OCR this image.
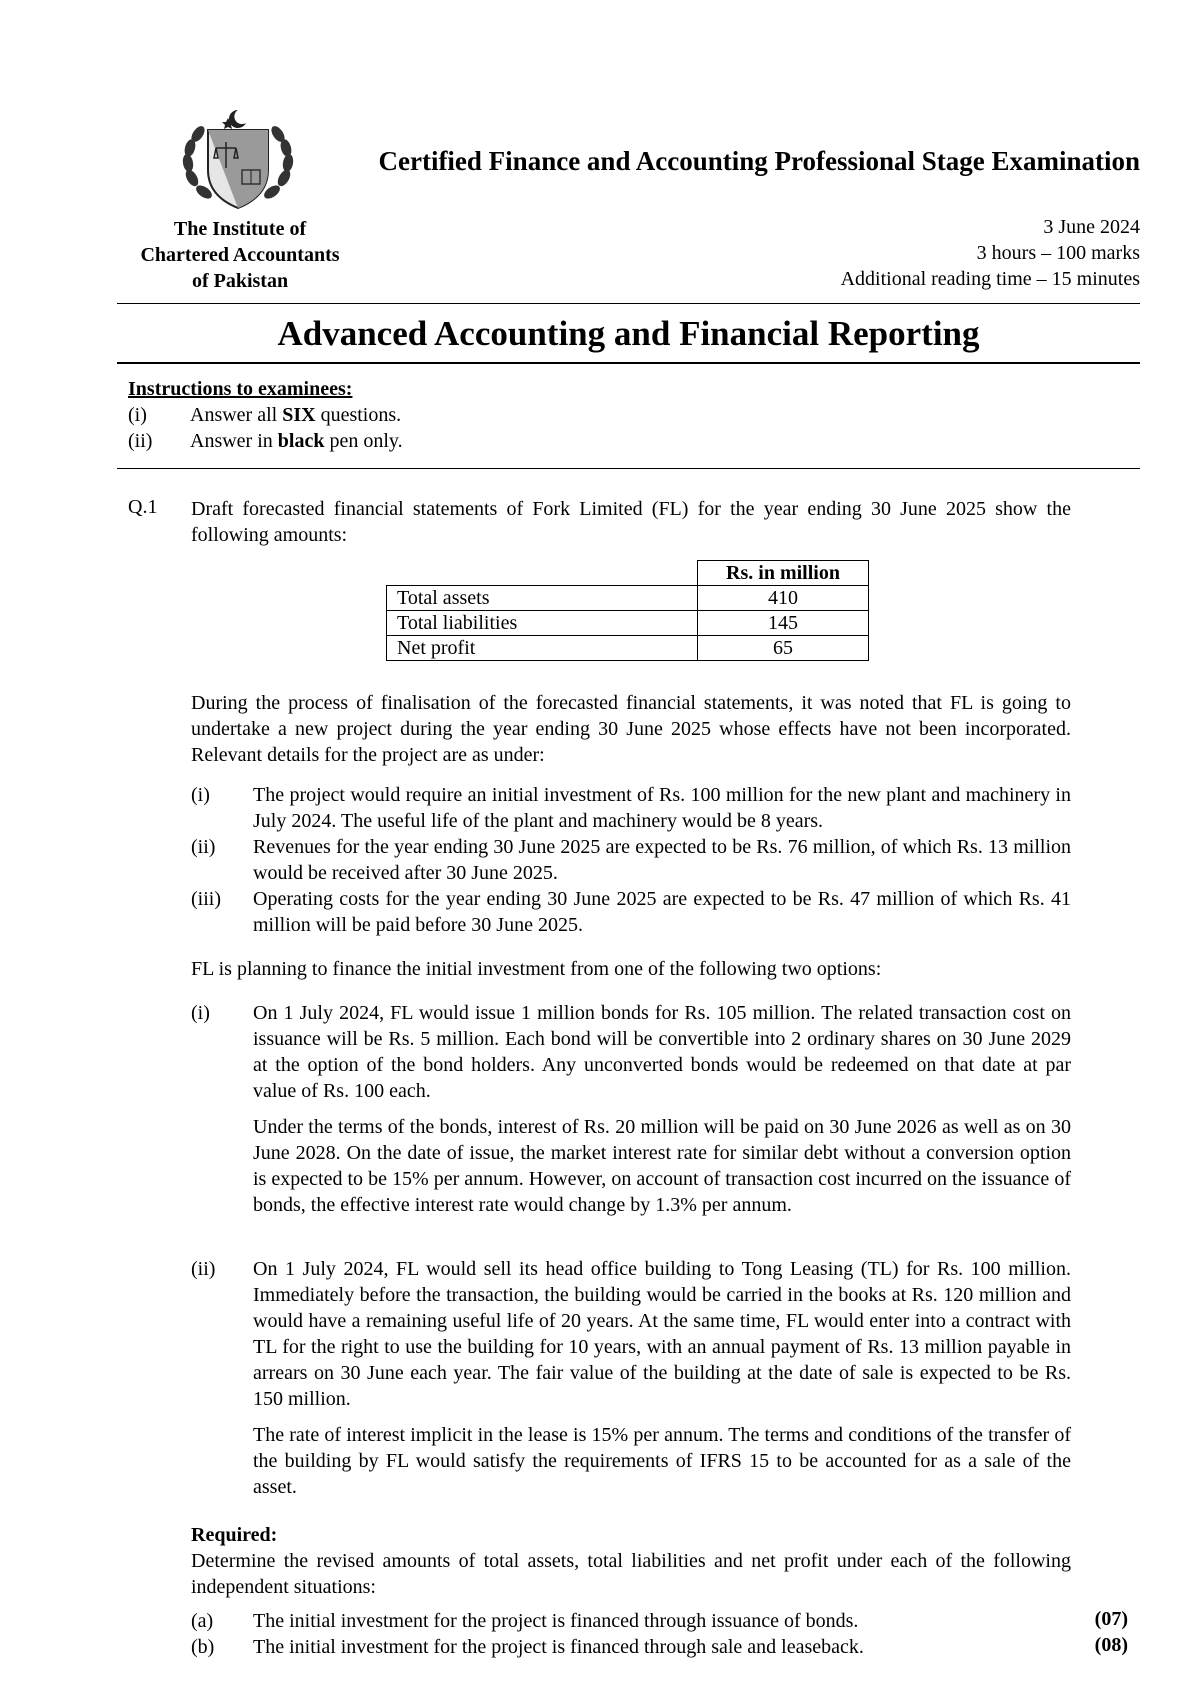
Certified Finance and Accounting Professional Stage Examination
The Institute of
Chartered Accountants
of Pakistan
3 June 2024
3 hours – 100 marks
Additional reading time – 15 minutes
Advanced Accounting and Financial Reporting
Instructions to examinees:
(i) Answer all SIX questions.
(ii) Answer in black pen only.
Q.1 Draft forecasted financial statements of Fork Limited (FL) for the year ending 30 June 2025 show the following amounts:
	Rs. in million
Total assets	410
Total liabilities	145
Net profit	65
During the process of finalisation of the forecasted financial statements, it was noted that FL is going to undertake a new project during the year ending 30 June 2025 whose effects have not been incorporated. Relevant details for the project are as under:
(i) The project would require an initial investment of Rs. 100 million for the new plant and machinery in July 2024. The useful life of the plant and machinery would be 8 years.
(ii) Revenues for the year ending 30 June 2025 are expected to be Rs. 76 million, of which Rs. 13 million would be received after 30 June 2025.
(iii) Operating costs for the year ending 30 June 2025 are expected to be Rs. 47 million of which Rs. 41 million will be paid before 30 June 2025.
FL is planning to finance the initial investment from one of the following two options:
(i) On 1 July 2024, FL would issue 1 million bonds for Rs. 105 million. The related transaction cost on issuance will be Rs. 5 million. Each bond will be convertible into 2 ordinary shares on 30 June 2029 at the option of the bond holders. Any unconverted bonds would be redeemed on that date at par value of Rs. 100 each.
Under the terms of the bonds, interest of Rs. 20 million will be paid on 30 June 2026 as well as on 30 June 2028. On the date of issue, the market interest rate for similar debt without a conversion option is expected to be 15% per annum. However, on account of transaction cost incurred on the issuance of bonds, the effective interest rate would change by 1.3% per annum.
(ii) On 1 July 2024, FL would sell its head office building to Tong Leasing (TL) for Rs. 100 million. Immediately before the transaction, the building would be carried in the books at Rs. 120 million and would have a remaining useful life of 20 years. At the same time, FL would enter into a contract with TL for the right to use the building for 10 years, with an annual payment of Rs. 13 million payable in arrears on 30 June each year. The fair value of the building at the date of sale is expected to be Rs. 150 million.
The rate of interest implicit in the lease is 15% per annum. The terms and conditions of the transfer of the building by FL would satisfy the requirements of IFRS 15 to be accounted for as a sale of the asset.
Required:
Determine the revised amounts of total assets, total liabilities and net profit under each of the following independent situations:
(a) The initial investment for the project is financed through issuance of bonds.	(07)
(b) The initial investment for the project is financed through sale and leaseback.	(08)
